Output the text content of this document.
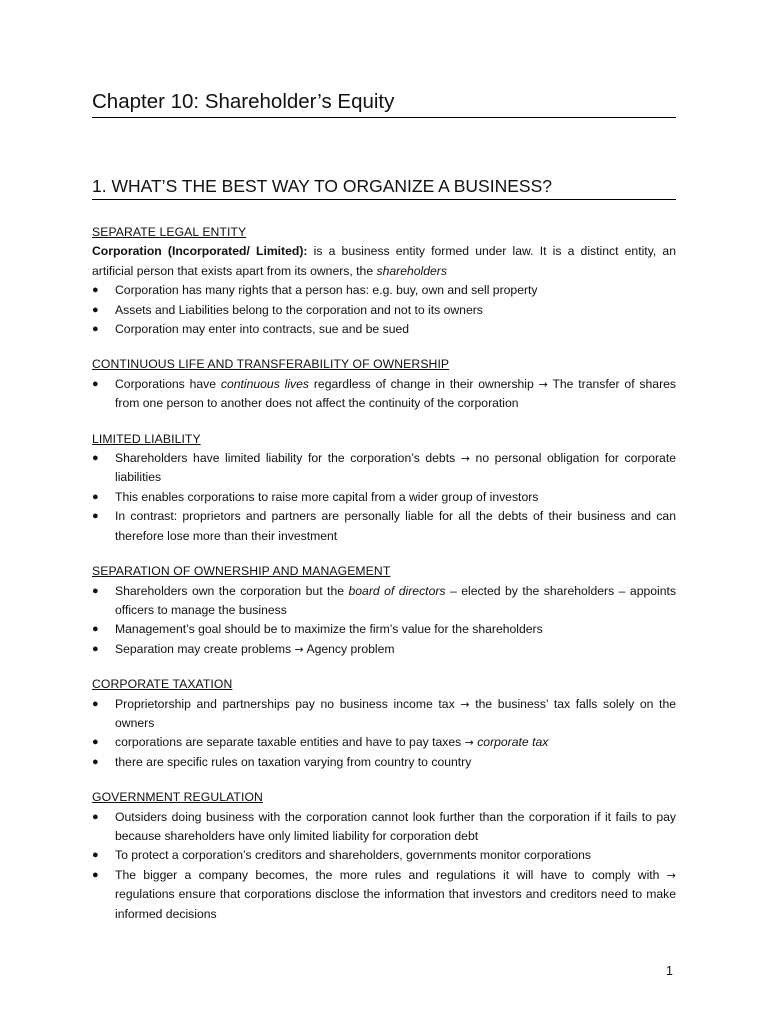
Chapter 10: Shareholder’s Equity
1. WHAT’S THE BEST WAY TO ORGANIZE A BUSINESS?
SEPARATE LEGAL ENTITY
Corporation (Incorporated/ Limited): is a business entity formed under law. It is a distinct entity, an artificial person that exists apart from its owners, the shareholders
● Corporation has many rights that a person has: e.g. buy, own and sell property
● Assets and Liabilities belong to the corporation and not to its owners
● Corporation may enter into contracts, sue and be sued
CONTINUOUS LIFE AND TRANSFERABILITY OF OWNERSHIP
● Corporations have continuous lives regardless of change in their ownership → The transfer of shares from one person to another does not affect the continuity of the corporation
LIMITED LIABILITY
● Shareholders have limited liability for the corporation’s debts → no personal obligation for corporate liabilities
● This enables corporations to raise more capital from a wider group of investors
● In contrast: proprietors and partners are personally liable for all the debts of their business and can therefore lose more than their investment
SEPARATION OF OWNERSHIP AND MANAGEMENT
● Shareholders own the corporation but the board of directors – elected by the shareholders – appoints officers to manage the business
● Management’s goal should be to maximize the firm’s value for the shareholders
● Separation may create problems → Agency problem
CORPORATE TAXATION
● Proprietorship and partnerships pay no business income tax → the business’ tax falls solely on the owners
● corporations are separate taxable entities and have to pay taxes → corporate tax
● there are specific rules on taxation varying from country to country
GOVERNMENT REGULATION
● Outsiders doing business with the corporation cannot look further than the corporation if it fails to pay because shareholders have only limited liability for corporation debt
● To protect a corporation’s creditors and shareholders, governments monitor corporations
● The bigger a company becomes, the more rules and regulations it will have to comply with → regulations ensure that corporations disclose the information that investors and creditors need to make informed decisions
1
